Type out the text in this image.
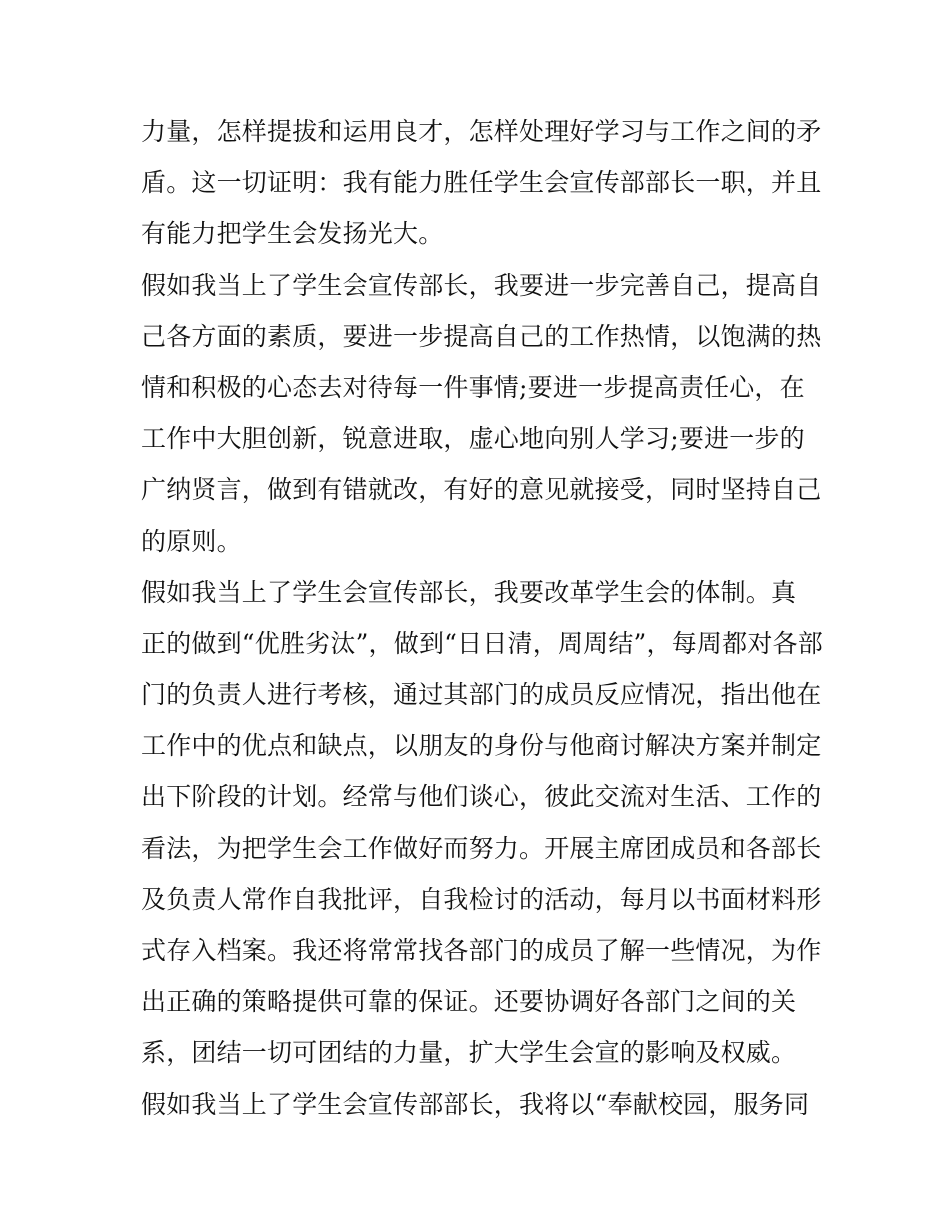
力量，怎样提拔和运用良才，怎样处理好学习与工作之间的矛
盾。这一切证明：我有能力胜任学生会宣传部部长一职，并且
有能力把学生会发扬光大。
假如我当上了学生会宣传部长，我要进一步完善自己，提高自
己各方面的素质，要进一步提高自己的工作热情，以饱满的热
情和积极的心态去对待每一件事情;要进一步提高责任心，在
工作中大胆创新，锐意进取，虚心地向别人学习;要进一步的
广纳贤言，做到有错就改，有好的意见就接受，同时坚持自己
的原则。
假如我当上了学生会宣传部长，我要改革学生会的体制。真
正的做到“优胜劣汰”，做到“日日清，周周结”，每周都对各部
门的负责人进行考核，通过其部门的成员反应情况，指出他在
工作中的优点和缺点，以朋友的身份与他商讨解决方案并制定
出下阶段的计划。经常与他们谈心，彼此交流对生活、工作的
看法，为把学生会工作做好而努力。开展主席团成员和各部长
及负责人常作自我批评，自我检讨的活动，每月以书面材料形
式存入档案。我还将常常找各部门的成员了解一些情况，为作
出正确的策略提供可靠的保证。还要协调好各部门之间的关
系，团结一切可团结的力量，扩大学生会宣的影响及权威。
假如我当上了学生会宣传部部长，我将以“奉献校园，服务同
